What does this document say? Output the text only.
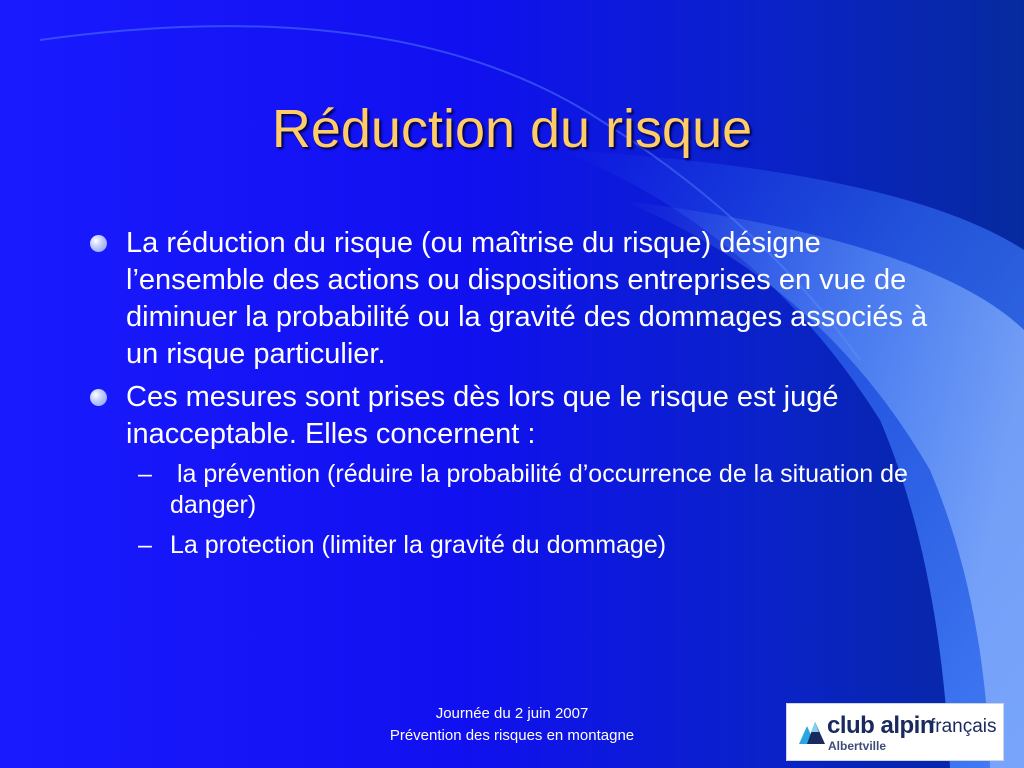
Réduction du risque
La réduction du risque (ou maîtrise du risque) désigne l’ensemble des actions ou dispositions entreprises en vue de diminuer la probabilité ou la gravité des dommages associés à un risque particulier.
Ces mesures sont prises dès lors que le risque est jugé inacceptable. Elles concernent :
– la prévention (réduire la probabilité d’occurrence de la situation de danger)
– La protection (limiter la gravité du dommage)
Journée du 2 juin 2007
Prévention des risques en montagne	club alpin
français
Albertville
